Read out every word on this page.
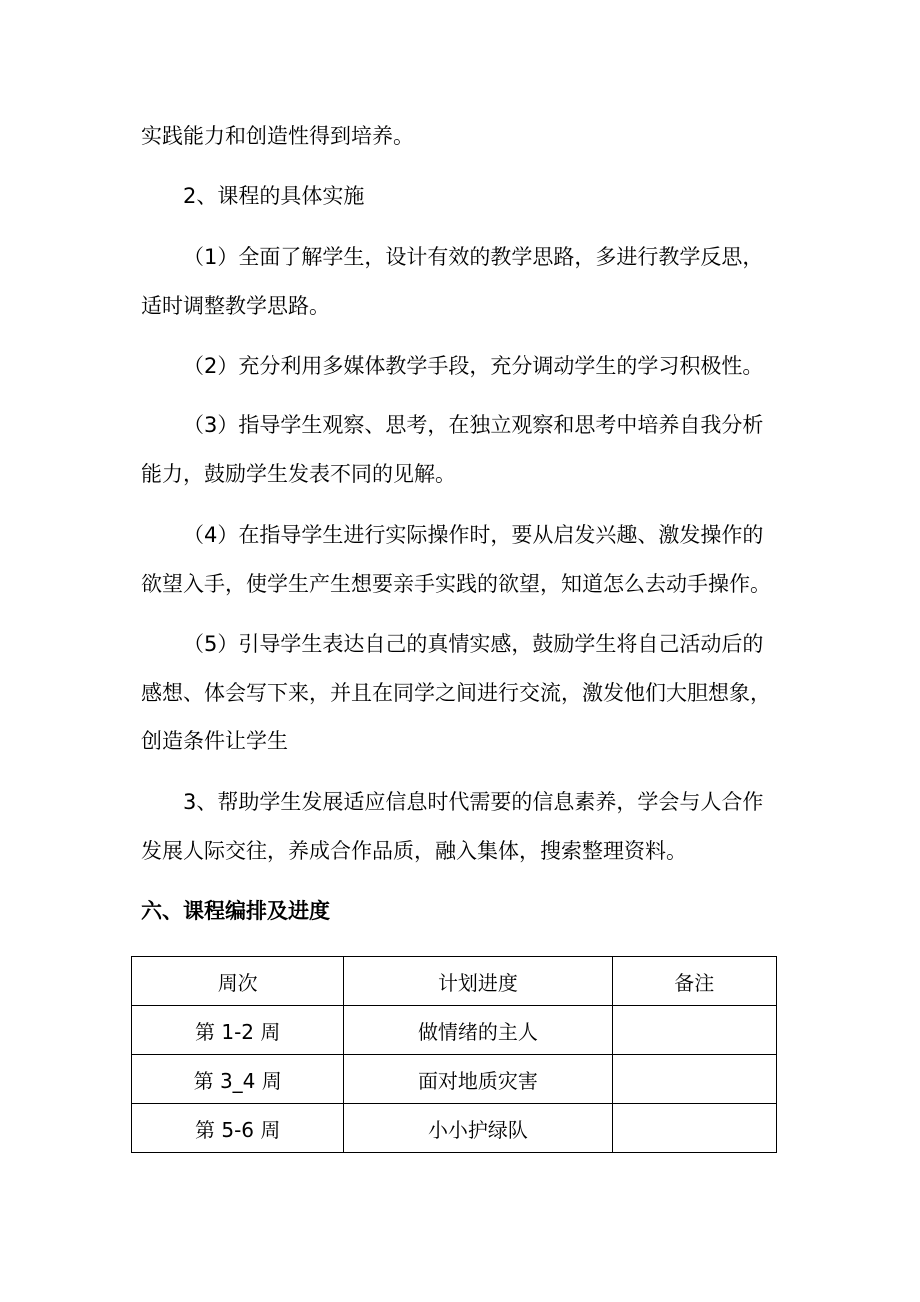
实践能力和创造性得到培养。
2、课程的具体实施
（1）全面了解学生，设计有效的教学思路，多进行教学反思，
适时调整教学思路。
（2）充分利用多媒体教学手段，充分调动学生的学习积极性。
（3）指导学生观察、思考，在独立观察和思考中培养自我分析
能力，鼓励学生发表不同的见解。
（4）在指导学生进行实际操作时，要从启发兴趣、激发操作的
欲望入手，使学生产生想要亲手实践的欲望，知道怎么去动手操作。
（5）引导学生表达自己的真情实感，鼓励学生将自己活动后的
感想、体会写下来，并且在同学之间进行交流，激发他们大胆想象，
创造条件让学生
3、帮助学生发展适应信息时代需要的信息素养，学会与人合作
发展人际交往，养成合作品质，融入集体，搜索整理资料。
六、课程编排及进度
周次	计划进度	备注
第 1-2 周	做情绪的主人	
第 3_4 周	面对地质灾害	
第 5-6 周	小小护绿队	
